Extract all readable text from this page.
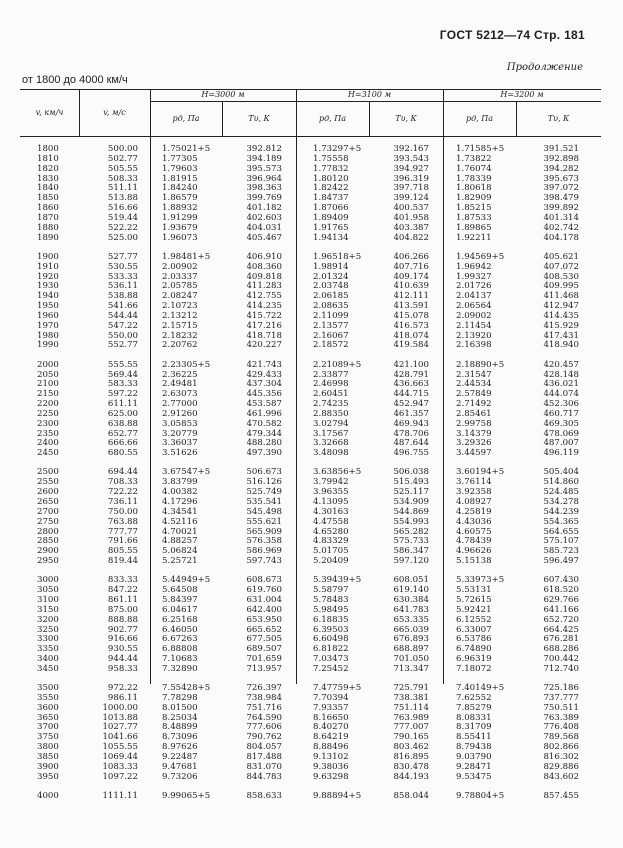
ГОСТ 5212—74 Стр. 181
Продолжение
от 1800 до 4000 км/ч
v, км/ч	v, м/с
H=3000 м	H=3100 м	H=3200 м
pд, Па	Tυ, К	pд, Па	Tυ, К	pд, Па	Tυ, К
1800	500.00	1.75021+5	392.812	1.73297+5	392.167	1.71585+5	391.521
1810	502.77	1.77305	394.189	1.75558	393.543	1.73822	392.898
1820	505.55	1.79603	395.573	1.77832	394.927	1.76074	394.282
1830	508.33	1.81915	396.964	1.80120	396.319	1.78339	395.673
1840	511.11	1.84240	398.363	1.82422	397.718	1.80618	397.072
1850	513.88	1.86579	399.769	1.84737	399.124	1.82909	398.479
1860	516.66	1.88932	401.182	1.87066	400.537	1.85215	399.892
1870	519.44	1.91299	402.603	1.89409	401.958	1.87533	401.314
1880	522.22	1.93679	404.031	1.91765	403.387	1.89865	402.742
1890	525.00	1.96073	405.467	1.94134	404.822	1.92211	404.178
1900	527.77	1.98481+5	406.910	1.96518+5	406.266	1.94569+5	405.621
1910	530.55	2.00902	408.360	1.98914	407.716	1.96942	407.072
1920	533.33	2.03337	409.818	2.01324	409.174	1.99327	408.530
1930	536.11	2.05785	411.283	2.03748	410.639	2.01726	409.995
1940	538.88	2.08247	412.755	2.06185	412.111	2.04137	411.468
1950	541.66	2.10723	414.235	2.08635	413.591	2.06564	412.947
1960	544.44	2.13212	415.722	2.11099	415.078	2.09002	414.435
1970	547.22	2.15715	417.216	2.13577	416.573	2.11454	415.929
1980	550.00	2.18232	418.718	2.16067	418.074	2.13920	417.431
1990	552.77	2.20762	420.227	2.18572	419.584	2.16398	418.940
2000	555.55	2.23305+5	421.743	2.21089+5	421.100	2.18890+5	420.457
2050	569.44	2.36225	429.433	2.33877	428.791	2.31547	428.148
2100	583.33	2.49481	437.304	2.46998	436.663	2.44534	436.021
2150	597.22	2.63073	445.356	2.60451	444.715	2.57849	444.074
2200	611.11	2.77000	453.587	2.74235	452.947	2.71492	452.306
2250	625.00	2.91260	461.996	2.88350	461.357	2.85461	460.717
2300	638.88	3.05853	470.582	3.02794	469.943	2.99758	469.305
2350	652.77	3.20779	479.344	3.17567	478.706	3.14379	478.069
2400	666.66	3.36037	488.280	3.32668	487.644	3.29326	487.007
2450	680.55	3.51626	497.390	3.48098	496.755	3.44597	496.119
2500	694.44	3.67547+5	506.673	3.63856+5	506.038	3.60194+5	505.404
2550	708.33	3.83799	516.126	3.79942	515.493	3.76114	514.860
2600	722.22	4.00382	525.749	3.96355	525.117	3.92358	524.485
2650	736.11	4.17296	535.541	4.13095	534.909	4.08927	534.278
2700	750.00	4.34541	545.498	4.30163	544.869	4.25819	544.239
2750	763.88	4.52116	555.621	4.47558	554.993	4.43036	554.365
2800	777.77	4.70021	565.909	4.65280	565.282	4.60575	564.655
2850	791.66	4.88257	576.358	4.83329	575.733	4.78439	575.107
2900	805.55	5.06824	586.969	5.01705	586.347	4.96626	585.723
2950	819.44	5.25721	597.743	5.20409	597.120	5.15138	596.497
3000	833.33	5.44949+5	608.673	5.39439+5	608.051	5.33973+5	607.430
3050	847.22	5.64508	619.760	5.58797	619.140	5.53131	618.520
3100	861.11	5.84397	631.004	5.78483	630.384	5.72615	629.766
3150	875.00	6.04617	642.400	5.98495	641.783	5.92421	641.166
3200	888.88	6.25168	653.950	6.18835	653.335	6.12552	652.720
3250	902.77	6.46050	665.652	6.39503	665.039	6.33007	664.425
3300	916.66	6.67263	677.505	6.60498	676.893	6.53786	676.281
3350	930.55	6.88808	689.507	6.81822	688.897	6.74890	688.286
3400	944.44	7.10683	701.659	7.03473	701.050	6.96319	700.442
3450	958.33	7.32890	713.957	7.25452	713.347	7.18072	712.740
3500	972.22	7.55428+5	726.397	7.47759+5	725.791	7.40149+5	725.186
3550	986.11	7.78298	738.984	7.70394	738.381	7.62552	737.777
3600	1000.00	8.01500	751.716	7.93357	751.114	7.85279	750.511
3650	1013.88	8.25034	764.590	8.16650	763.989	8.08331	763.389
3700	1027.77	8.48899	777.606	8.40270	777.007	8.31709	776.408
3750	1041.66	8.73096	790.762	8.64219	790.165	8.55411	789.568
3800	1055.55	8.97626	804.057	8.88496	803.462	8.79438	802.866
3850	1069.44	9.22487	817.488	9.13102	816.895	9.03790	816.302
3900	1083.33	9.47681	831.070	9.38036	830.478	9.28471	829.886
3950	1097.22	9.73206	844.783	9.63298	844.193	9.53475	843.602
4000	1111.11	9.99065+5	858.633	9.88894+5	858.044	9.78804+5	857.455
